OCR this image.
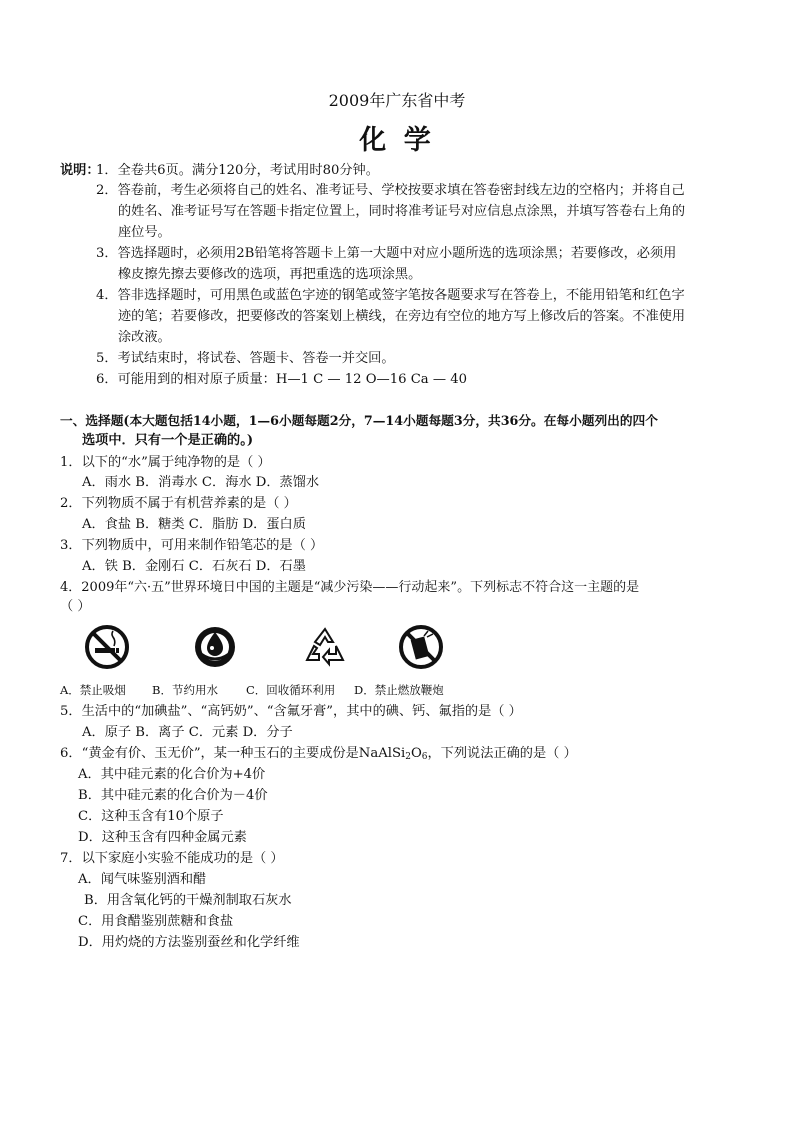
2009年广东省中考
化 学
说明：
1．全卷共6页。满分120分，考试用时80分钟。
2．答卷前，考生必须将自己的姓名、准考证号、学校按要求填在答卷密封线左边的空格内；并将自己
的姓名、准考证号写在答题卡指定位置上，同时将准考证号对应信息点涂黑，并填写答卷右上角的
座位号。
3．答选择题时，必须用2B铅笔将答题卡上第一大题中对应小题所选的选项涂黑；若要修改，必须用
橡皮擦先擦去要修改的选项，再把重选的选项涂黑。
4．答非选择题时，可用黑色或蓝色字迹的钢笔或签字笔按各题要求写在答卷上，不能用铅笔和红色字
迹的笔；若要修改，把要修改的答案划上横线，在旁边有空位的地方写上修改后的答案。不准使用
涂改液。
5．考试结束时，将试卷、答题卡、答卷一并交回。
6．可能用到的相对原子质量：H—1 C — 12 O—16 Ca — 40
一、选择题(本大题包括14小题，1—6小题每题2分，7—14小题每题3分，共36分。在每小题列出的四个
选项中．只有一个是正确的。)
1．以下的“水”属于纯净物的是（ ）
A．雨水 B．消毒水 C．海水 D．蒸馏水
2．下列物质不属于有机营养素的是（ ）
A．食盐 B．糖类 C．脂肪 D．蛋白质
3．下列物质中，可用来制作铅笔芯的是（ ）
A．铁 B．金刚石 C．石灰石 D．石墨
4．2009年“六·五”世界环境日中国的主题是“减少污染——行动起来”。下列标志不符合这一主题的是
（ ）
A．禁止吸烟 B．节约用水 C．回收循环利用 D．禁止燃放鞭炮
5．生活中的“加碘盐”、“高钙奶”、“含氟牙膏”，其中的碘、钙、氟指的是（ ）
A．原子 B．离子 C．元素 D．分子
6．“黄金有价、玉无价”，某一种玉石的主要成份是$NaAlSi_2O_6$，下列说法正确的是（ ）
A．其中硅元素的化合价为+4价
B．其中硅元素的化合价为－4价
C．这种玉含有10个原子
D．这种玉含有四种金属元素
7．以下家庭小实验不能成功的是（ ）
A．闻气味鉴别酒和醋
B．用含氧化钙的干燥剂制取石灰水
C．用食醋鉴别蔗糖和食盐
D．用灼烧的方法鉴别蚕丝和化学纤维
